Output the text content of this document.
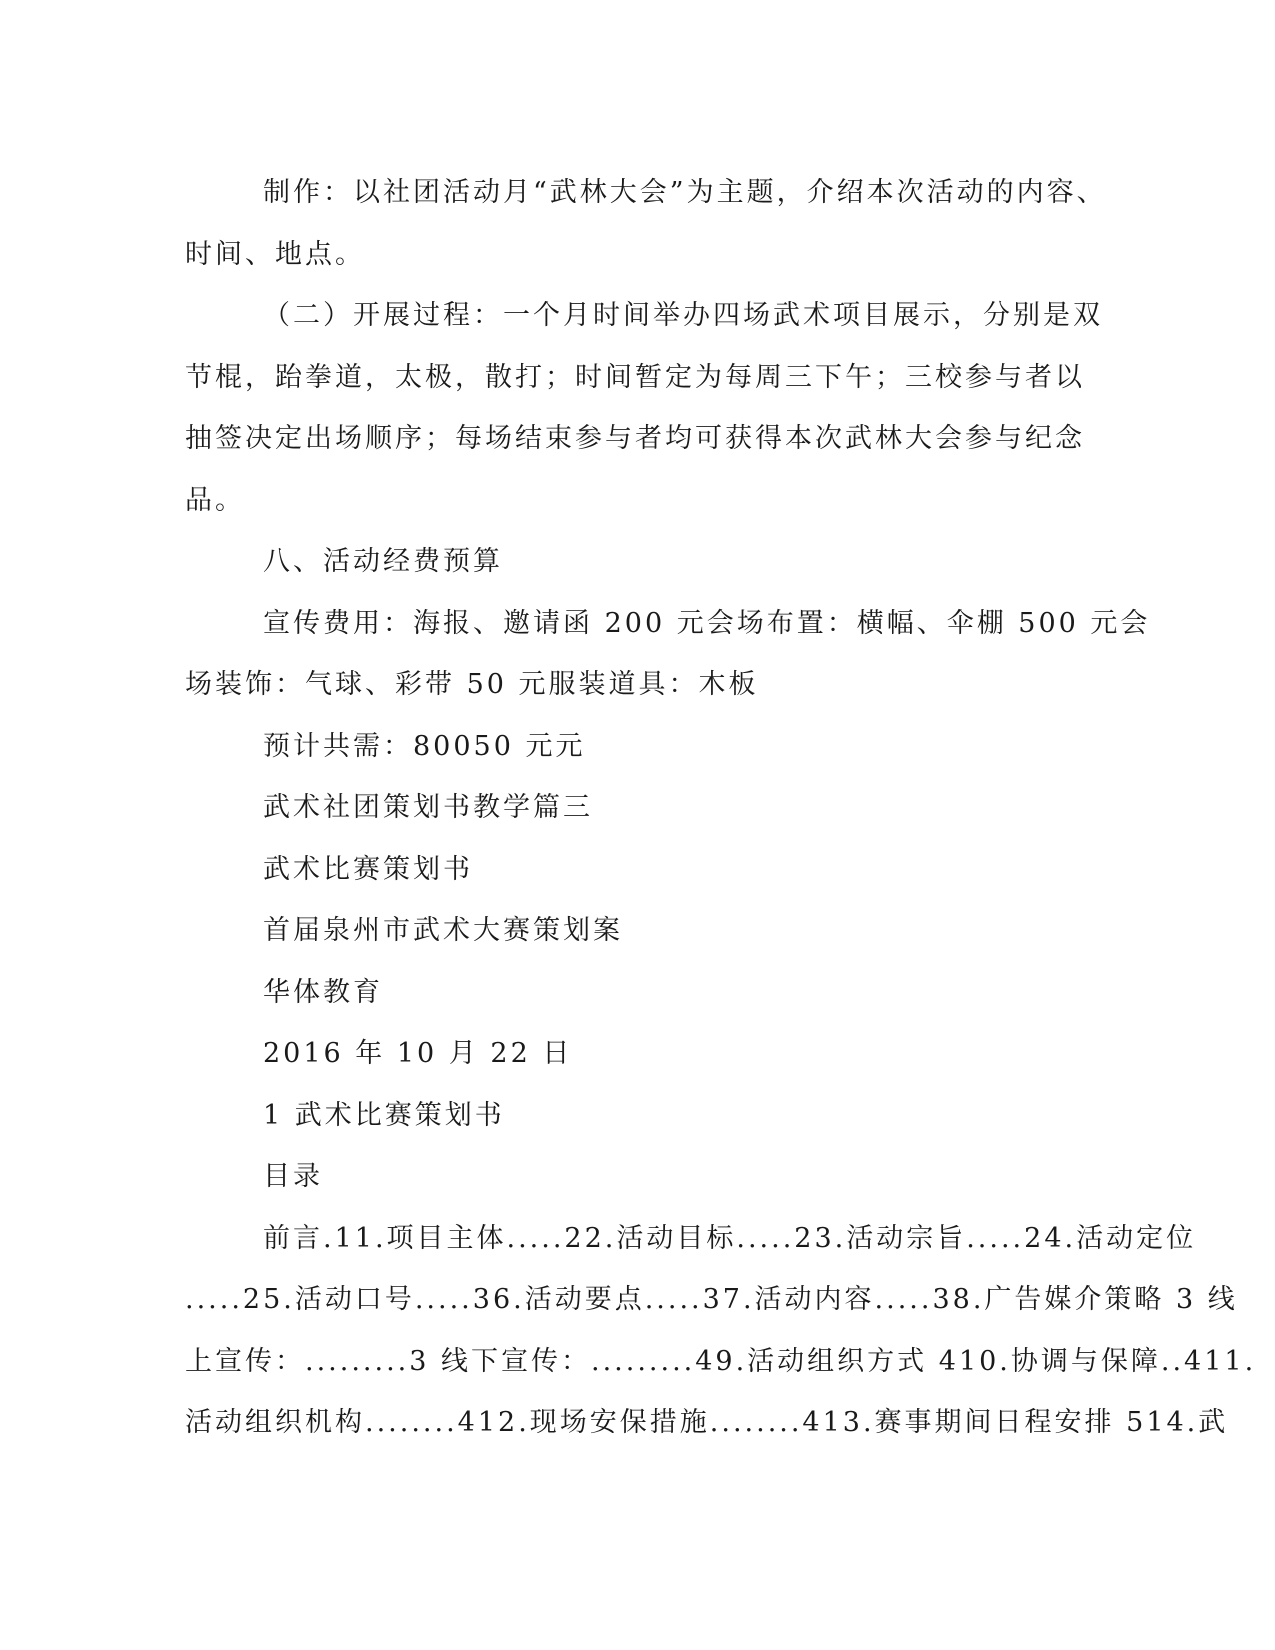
制作：以社团活动月“武林大会”为主题，介绍本次活动的内容、
时间、地点。
（二）开展过程：一个月时间举办四场武术项目展示，分别是双
节棍，跆拳道，太极，散打；时间暂定为每周三下午；三校参与者以
抽签决定出场顺序；每场结束参与者均可获得本次武林大会参与纪念
品。
八、活动经费预算
宣传费用：海报、邀请函 200 元会场布置：横幅、伞棚 500 元会
场装饰：气球、彩带 50 元服装道具：木板
预计共需：80050 元元
武术社团策划书教学篇三
武术比赛策划书
首届泉州市武术大赛策划案
华体教育
2016 年 10 月 22 日
1 武术比赛策划书
目录
前言.11.项目主体.....22.活动目标.....23.活动宗旨.....24.活动定位
.....25.活动口号.....36.活动要点.....37.活动内容.....38.广告媒介策略 3 线
上宣传：.........3 线下宣传：.........49.活动组织方式 410.协调与保障..411.
活动组织机构........412.现场安保措施........413.赛事期间日程安排 514.武
